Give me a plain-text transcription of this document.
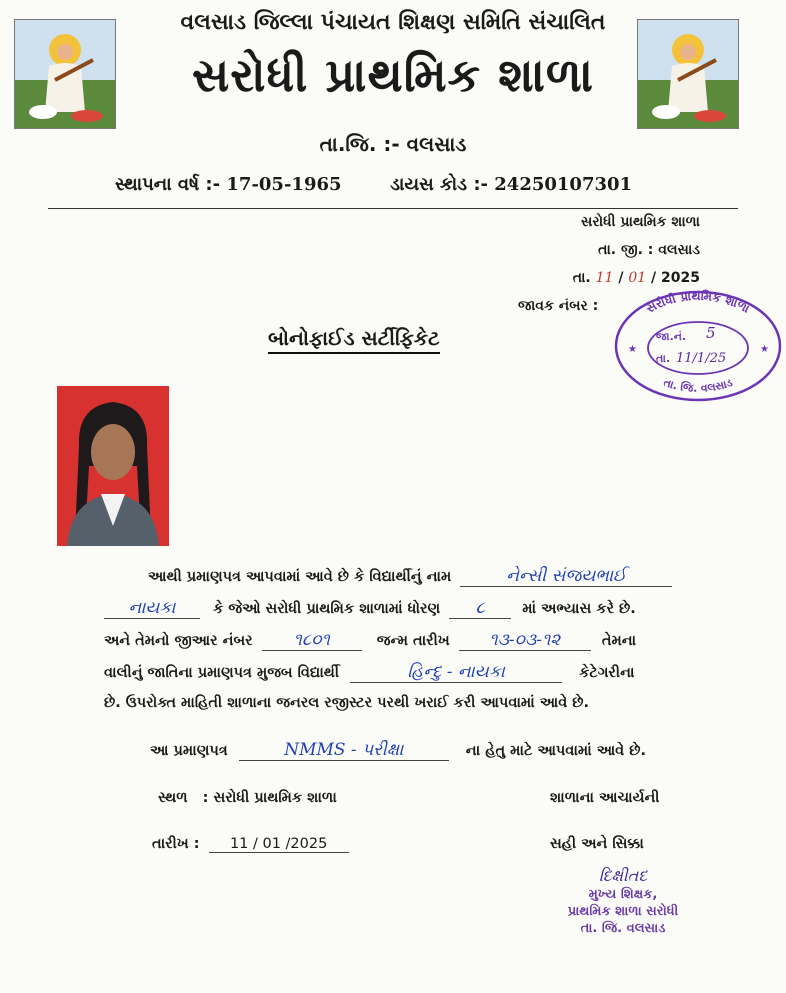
વલસાડ જિલ્લા પંચાયત શિક્ષણ સમિતિ સંચાલિત
સરોધી પ્રાથમિક શાળા
તા.જિ. :- વલસાડ
સ્થાપના વર્ષ :- 17-05-1965	ડાયસ કોડ :- 24250107301
સરોધી પ્રાથમિક શાળા
તા. જી. : વલસાડ
તા. 11 / 01 / 2025
જાવક નંબર :	સરોધી પ્રાથમિક શાળા
તા. જિ. વલસાડ
જા.નં. 5
તા. 11/1/25
★	★
બોનોફાઈડ સર્ટીફિકેટ
આથી પ્રમાણપત્ર આપવામાં આવે છે કે વિદ્યાર્થીનું નામ	નેન્સી સંજયભાઈ
નાયકા	કે જેઓ સરોધી પ્રાથમિક શાળામાં ધોરણ ૮	માં અભ્યાસ કરે છે.
અને તેમનો જીઆર નંબર ૧૮૦૧	જન્મ તારીખ ૧૩-૦૩-૧૨	તેમના
વાલીનું જાતિના પ્રમાણપત્ર મુજબ વિદ્યાર્થી	હિન્દુ - નાયકા	કેટેગરીના
છે. ઉપરોક્ત માહિતી શાળાના જનરલ રજીસ્ટર પરથી ખરાઈ કરી આપવામાં આવે છે.
આ પ્રમાણપત્ર	NMMS - પરીક્ષા	ના હેતુ માટે આપવામાં આવે છે.
સ્થળ : સરોધી પ્રાથમિક શાળા	શાળાના આચાર્યની
તારીખ : 11 / 01 /2025	સહી અને સિક્કા
દિક્ષીતદ
મુખ્ય શિક્ષક,
પ્રાથમિક શાળા સરોધી
તા. જિ. વલસાડ
